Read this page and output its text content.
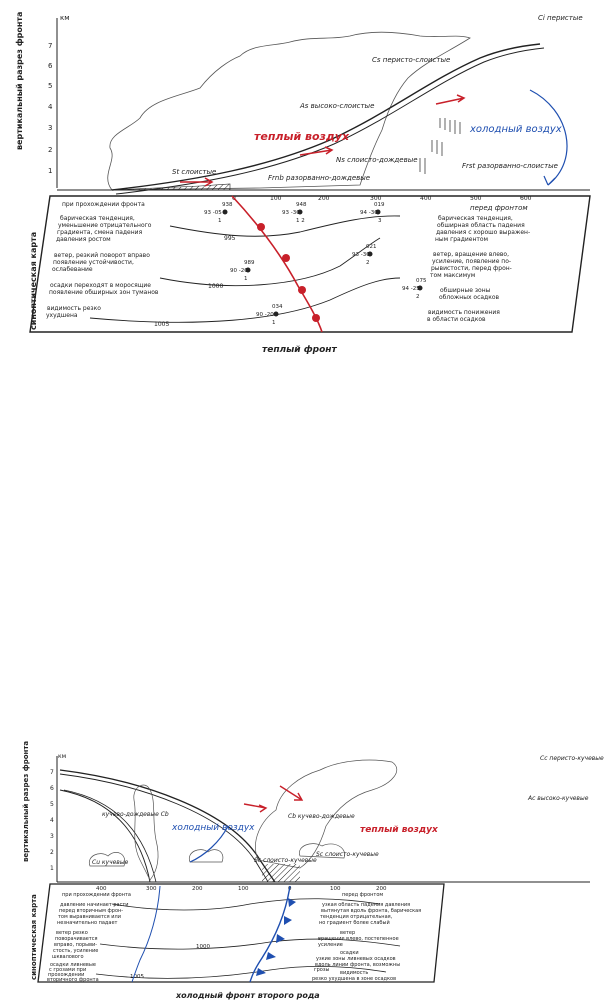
км
7
6
5
4
3
2
1
вертикальный разрез фронта	Ci перистые
Cs перисто-слоистые
As высоко-слоистые
Ns слоисто-дождевые
St слоистые
Frnb разорванно-дождевые
Frst разорванно-слоистые
теплый воздух
холодный воздух
0	100	200	300	400	500	600
перед фронтом
синоптическая карта	995
1000
1005
при прохождении фронта
барическая тенденция,
уменьшение отрицательного
градиента, смена падения
давления ростом
ветер, резкий поворот вправо
появление устойчивости,
ослабевание
осадки переходят в моросящие
появление обширных зон туманов
видимость резко
ухудшена
барическая тенденция,
обширная область падения
давления с хорошо выражен-
ным градиентом
ветер, вращение влево,
усиление, появление по-
рывистости, перед фрон-
том максимум
обширные зоны
обложных осадков
видимость понижения
в области осадков
938
93 -05
1
948
93 -30
1 2
019
94 -30
3
989
90 -20
1
021
93 -30
2
075
94 -25
2
034
90 -20
1
теплый фронт
км
7
6
5
4
3
2
1
вертикальный разрез фронта	Cc перисто-кучевые
Ac высоко-кучевые
кучево-дождевые Cb	Cb кучево-дождевые
Cu кучевые	Sc слоисто-кучевые
Sc слоисто-кучевые
холодный воздух	теплый воздух
400	300	200	100	0	100	200
синоптическая карта	1000
1005
при прохождении фронта
давление начинает расти
перед вторичным фрон-
том выравнивается или
незначительно падает
ветер резко
поворачивается
вправо, порыви-
стость, усиление
шквалового
осадки ливневые
с грозами при
прохождении
вторичного фронта
перед фронтом
узкая область падения давления
вытянутая вдоль фронта, барическая
тенденция отрицательная,
но градиент более слабый
ветер
вращение влево, постепенное
усиление
осадки
узкие зоны ливневых осадков
вдоль линии фронта, возможны
грозы видимость
резко ухудшена в зоне осадков
холодный фронт второго рода
